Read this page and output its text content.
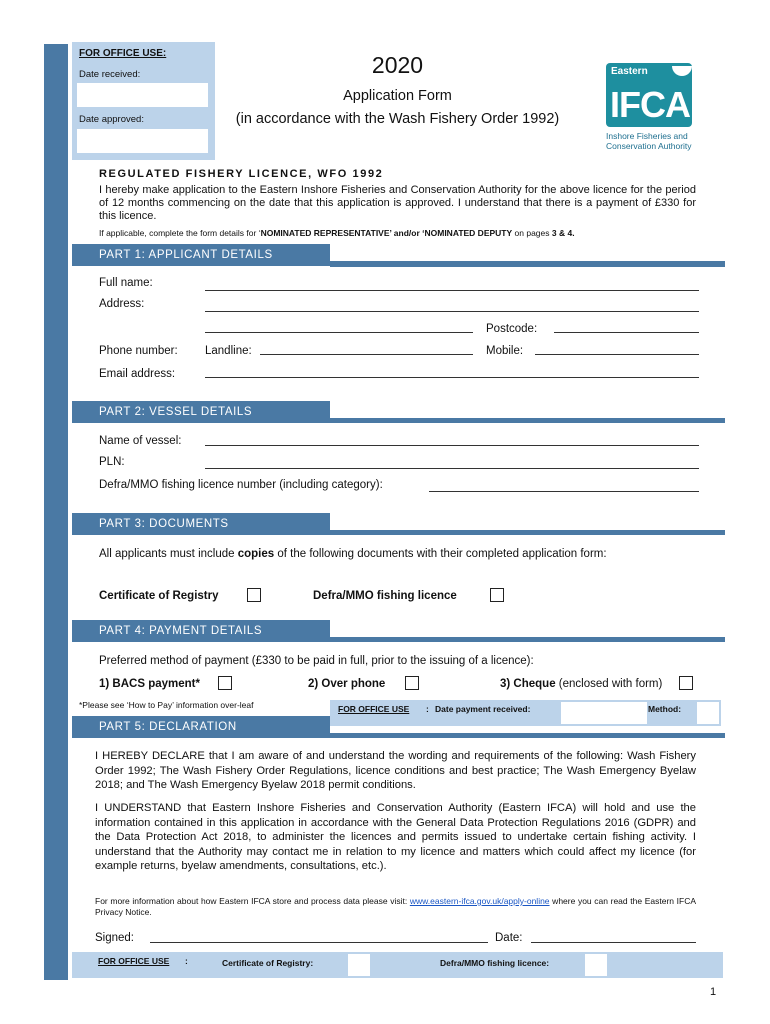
FOR OFFICE USE:
Date received:
Date approved:
2020
Application Form
(in accordance with the Wash Fishery Order 1992)
Eastern
IFCA
Inshore Fisheries and
Conservation Authority
REGULATED FISHERY LICENCE, WFO 1992
I hereby make application to the Eastern Inshore Fisheries and Conservation Authority for the above licence for the period of 12 months commencing on the date that this application is approved. I understand that there is a payment of £330 for this licence.
If applicable, complete the form details for ‘NOMINATED REPRESENTATIVE’ and/or ‘NOMINATED DEPUTY on pages 3 & 4.
PART 1: APPLICANT DETAILS
Full name:
Address:
Postcode:
Phone number: Landline:	Mobile:
Email address:
PART 2: VESSEL DETAILS
Name of vessel:
PLN:
Defra/MMO fishing licence number (including category):
PART 3: DOCUMENTS
All applicants must include copies of the following documents with their completed application form:
Certificate of Registry	Defra/MMO fishing licence
PART 4: PAYMENT DETAILS
Preferred method of payment (£330 to be paid in full, prior to the issuing of a licence):
1) BACS payment*	2) Over phone	3) Cheque (enclosed with form)
*Please see ‘How to Pay’ information over-leaf	FOR OFFICE USE : Date payment received:	Method:
PART 5: DECLARATION
I HEREBY DECLARE that I am aware of and understand the wording and requirements of the following: Wash Fishery Order 1992; The Wash Fishery Order Regulations, licence conditions and best practice; The Wash Emergency Byelaw 2018; and The Wash Emergency Byelaw 2018 permit conditions.
I UNDERSTAND that Eastern Inshore Fisheries and Conservation Authority (Eastern IFCA) will hold and use the information contained in this application in accordance with the General Data Protection Regulations 2016 (GDPR) and the Data Protection Act 2018, to administer the licences and permits issued to undertake certain fishing activity. I understand that the Authority may contact me in relation to my licence and matters which could affect my licence (for example returns, byelaw amendments, consultations, etc.).
For more information about how Eastern IFCA store and process data please visit: www.eastern-ifca.gov.uk/apply-online where you can read the Eastern IFCA Privacy Notice.
Signed:	Date:
FOR OFFICE USE :	Certificate of Registry:	Defra/MMO fishing licence:
1
